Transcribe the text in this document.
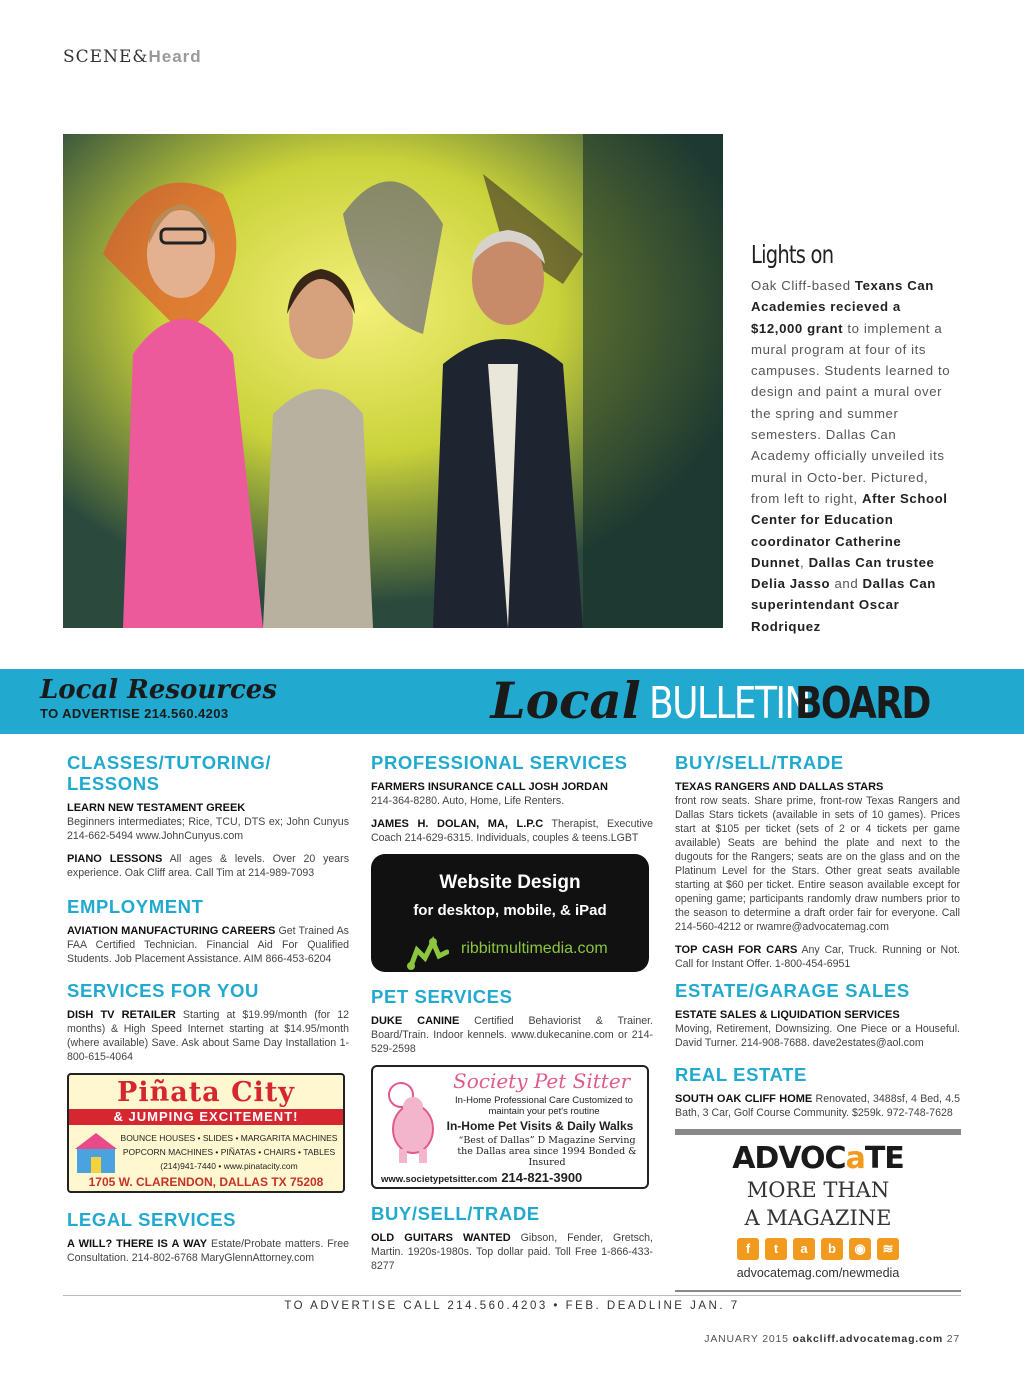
SCENE&Heard
Lights on

Oak Cliff-based Texans Can Academies recieved a $12,000 grant to implement a mural program at four of its campuses. Students learned to design and paint a mural over the spring and summer semesters. Dallas Can Academy officially unveiled its mural in Octo-ber. Pictured, from left to right, After School Center for Education coordinator Catherine Dunnet, Dallas Can trustee Delia Jasso and Dallas Can superintendant Oscar Rodriquez

Local Resources
TO ADVERTISE 214.560.4203	Local BULLETIN
BOARD
CLASSES/TUTORING/ LESSONS

LEARN NEW TESTAMENT GREEK
Beginners intermediates; Rice, TCU, DTS ex; John Cunyus 214-662-5494 www.JohnCunyus.com

PIANO LESSONS All ages & levels. Over 20 years experience. Oak Cliff area. Call Tim at 214-989-7093

EMPLOYMENT

AVIATION MANUFACTURING CAREERS Get Trained As FAA Certified Technician. Financial Aid For Qualified Students. Job Placement Assistance. AIM 866-453-6204

SERVICES FOR YOU

DISH TV RETAILER Starting at $19.99/month (for 12 months) & High Speed Internet starting at $14.95/month (where available) Save. Ask about Same Day Installation 1-800-615-4064

Piñata City
& JUMPING EXCITEMENT!
BOUNCE HOUSES • SLIDES • MARGARITA MACHINES
POPCORN MACHINES • PIÑATAS • CHAIRS • TABLES
(214)941-7440 • www.pinatacity.com
1705 W. CLARENDON, DALLAS TX 75208
LEGAL SERVICES

A WILL? THERE IS A WAY Estate/Probate matters. Free Consultation. 214-802-6768 MaryGlennAttorney.com

PROFESSIONAL SERVICES

FARMERS INSURANCE CALL JOSH JORDAN
214-364-8280. Auto, Home, Life Renters.

JAMES H. DOLAN, MA, L.P.C Therapist, Executive Coach 214-629-6315. Individuals, couples & teens.LGBT

Website Design
for desktop, mobile, & iPad
ribbitmultimedia.com
PET SERVICES

DUKE CANINE Certified Behaviorist & Trainer. Board/Train. Indoor kennels. www.dukecanine.com or 214-529-2598

Society Pet Sitter
In-Home Professional Care Customized to maintain your pet's routine
In-Home Pet Visits & Daily Walks
“Best of Dallas” D Magazine Serving the Dallas area since 1994 Bonded & Insured
www.societypetsitter.com 214-821-3900
BUY/SELL/TRADE

OLD GUITARS WANTED Gibson, Fender, Gretsch, Martin. 1920s-1980s. Top dollar paid. Toll Free 1-866-433-8277

BUY/SELL/TRADE

TEXAS RANGERS AND DALLAS STARS
front row seats. Share prime, front-row Texas Rangers and Dallas Stars tickets (available in sets of 10 games). Prices start at $105 per ticket (sets of 2 or 4 tickets per game available) Seats are behind the plate and next to the dugouts for the Rangers; seats are on the glass and on the Platinum Level for the Stars. Other great seats available starting at $60 per ticket. Entire season available except for opening game; participants randomly draw numbers prior to the season to determine a draft order fair for everyone. Call 214-560-4212 or rwamre@advocatemag.com

TOP CASH FOR CARS Any Car, Truck. Running or Not. Call for Instant Offer. 1-800-454-6951

ESTATE/GARAGE SALES

ESTATE SALES & LIQUIDATION SERVICES
Moving, Retirement, Downsizing. One Piece or a Houseful. David Turner. 214-908-7688. dave2estates@aol.com

REAL ESTATE

SOUTH OAK CLIFF HOME Renovated, 3488sf, 4 Bed, 4.5 Bath, 3 Car, Golf Course Community. $259k. 972-748-7628

ADVOCaTE
MORE THAN
A MAGAZINE
f	t	a	b	◉	≋
advocatemag.com/newmedia
TO ADVERTISE CALL 214.560.4203 • FEB. DEADLINE JAN. 7
JANUARY 2015 oakcliff.advocatemag.com 27
